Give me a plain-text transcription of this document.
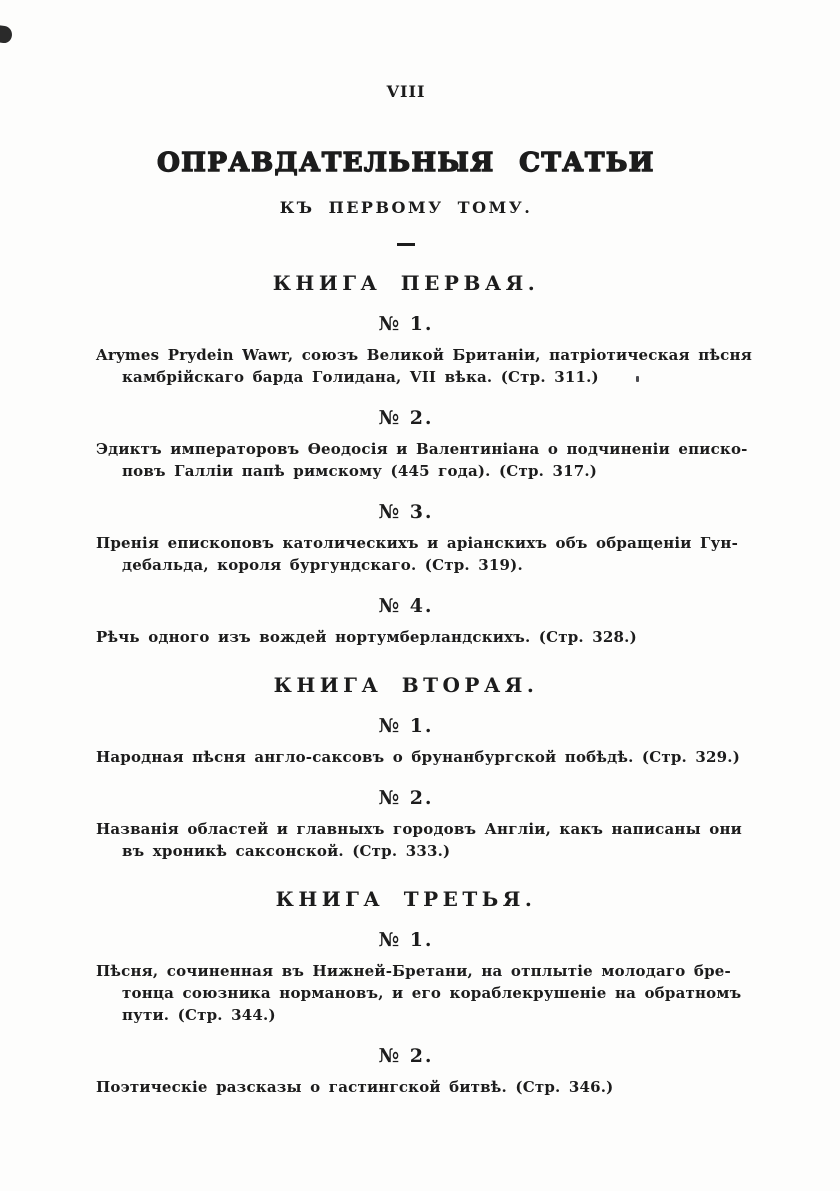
VIII
ОПРАВДАТЕЛЬНЫЯ СТАТЬИ
КЪ ПЕРВОМУ ТОМУ.
КНИГА ПЕРВАЯ.
№ 1.
Arymes Prydein Wawr, союзъ Великой Британіи, патріотическая пѣсня
камбрійскаго барда Голидана, VII вѣка. (Стр. 311.)
№ 2.
Эдиктъ императоровъ Ѳеодосія и Валентиніана о подчиненіи еписко-
повъ Галліи папѣ римскому (445 года). (Стр. 317.)
№ 3.
Пренія епископовъ католическихъ и аріанскихъ объ обращеніи Гун-
дебальда, короля бургундскаго. (Стр. 319).
№ 4.
Рѣчь одного изъ вождей нортумберландскихъ. (Стр. 328.)
КНИГА ВТОРАЯ.
№ 1.
Народная пѣсня англо-саксовъ о брунанбургской побѣдѣ. (Стр. 329.)
№ 2.
Названія областей и главныхъ городовъ Англіи, какъ написаны они
въ хроникѣ саксонской. (Стр. 333.)
КНИГА ТРЕТЬЯ.
№ 1.
Пѣсня, сочиненная въ Нижней-Бретани, на отплытіе молодаго бре-
тонца союзника нормановъ, и его кораблекрушеніе на обратномъ
пути. (Стр. 344.)
№ 2.
Поэтическіе разсказы о гастингской битвѣ. (Стр. 346.)
